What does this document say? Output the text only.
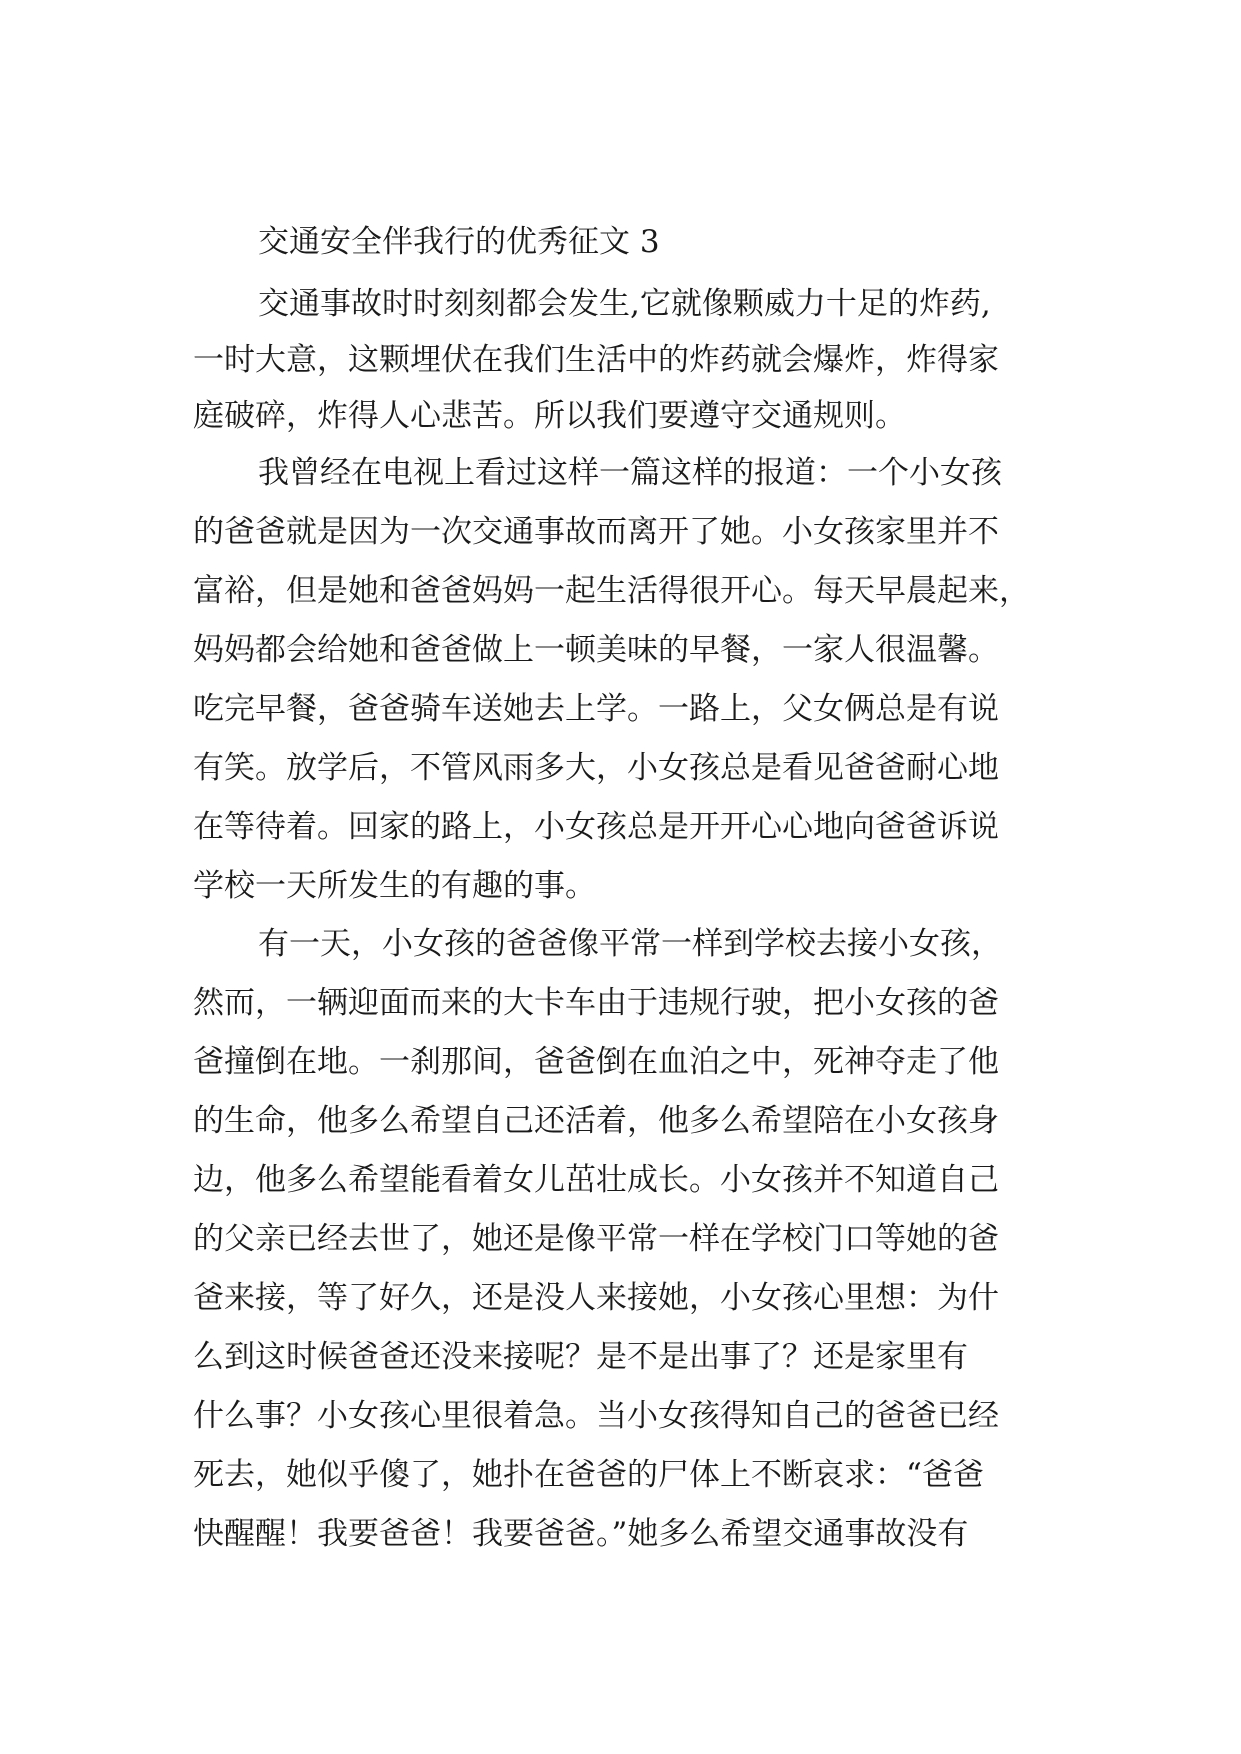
交通安全伴我行的优秀征文 3
交通事故时时刻刻都会发生,它就像颗威力十足的炸药,
一时大意，这颗埋伏在我们生活中的炸药就会爆炸，炸得家
庭破碎，炸得人心悲苦。所以我们要遵守交通规则。
我曾经在电视上看过这样一篇这样的报道：一个小女孩
的爸爸就是因为一次交通事故而离开了她。小女孩家里并不
富裕，但是她和爸爸妈妈一起生活得很开心。每天早晨起来，
妈妈都会给她和爸爸做上一顿美味的早餐，一家人很温馨。
吃完早餐，爸爸骑车送她去上学。一路上，父女俩总是有说
有笑。放学后，不管风雨多大，小女孩总是看见爸爸耐心地
在等待着。回家的路上，小女孩总是开开心心地向爸爸诉说
学校一天所发生的有趣的事。
有一天，小女孩的爸爸像平常一样到学校去接小女孩，
然而，一辆迎面而来的大卡车由于违规行驶，把小女孩的爸
爸撞倒在地。一刹那间，爸爸倒在血泊之中，死神夺走了他
的生命，他多么希望自己还活着，他多么希望陪在小女孩身
边，他多么希望能看着女儿茁壮成长。小女孩并不知道自己
的父亲已经去世了，她还是像平常一样在学校门口等她的爸
爸来接，等了好久，还是没人来接她，小女孩心里想：为什
么到这时候爸爸还没来接呢？是不是出事了？还是家里有
什么事？小女孩心里很着急。当小女孩得知自己的爸爸已经
死去，她似乎傻了，她扑在爸爸的尸体上不断哀求：“爸爸
快醒醒！我要爸爸！我要爸爸。”她多么希望交通事故没有
